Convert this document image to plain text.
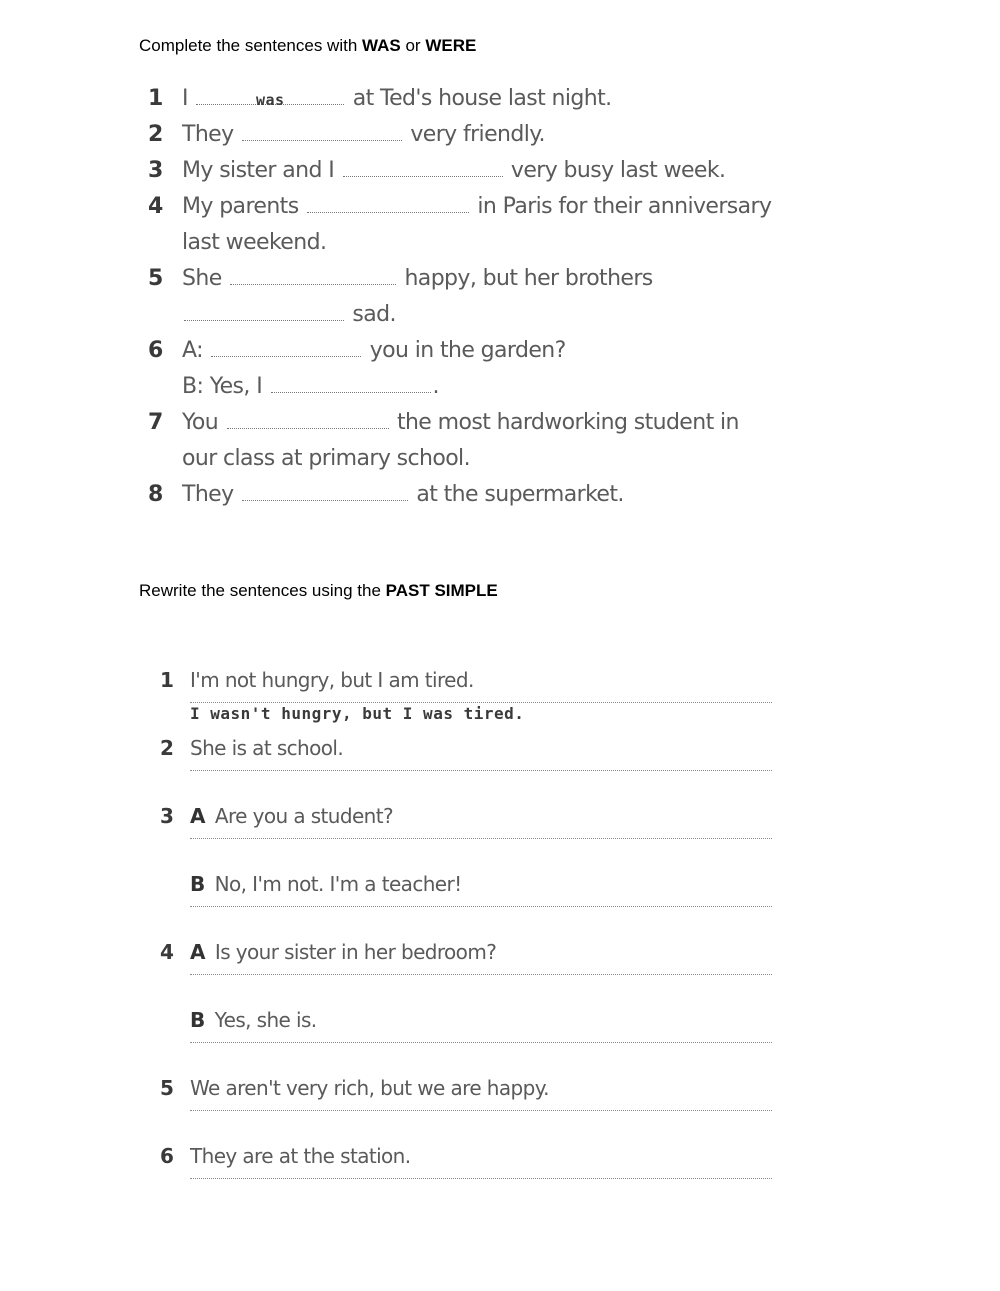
Complete the sentences with WAS or WERE
1 I	was	at Ted's house last night.
2 They	very friendly.
3 My sister and I	very busy last week.
4 My parents	in Paris for their anniversary
last weekend.
5 She	happy, but her brothers
sad.
6 A:	you in the garden?
B: Yes, I	.
7 You	the most hardworking student in
our class at primary school.
8 They	at the supermarket.
Rewrite the sentences using the PAST SIMPLE
1 I'm not hungry, but I am tired.
I wasn't hungry, but I was tired.
2 She is at school.
3 A Are you a student?
B No, I'm not. I'm a teacher!
4 A Is your sister in her bedroom?
B Yes, she is.
5 We aren't very rich, but we are happy.
6 They are at the station.
